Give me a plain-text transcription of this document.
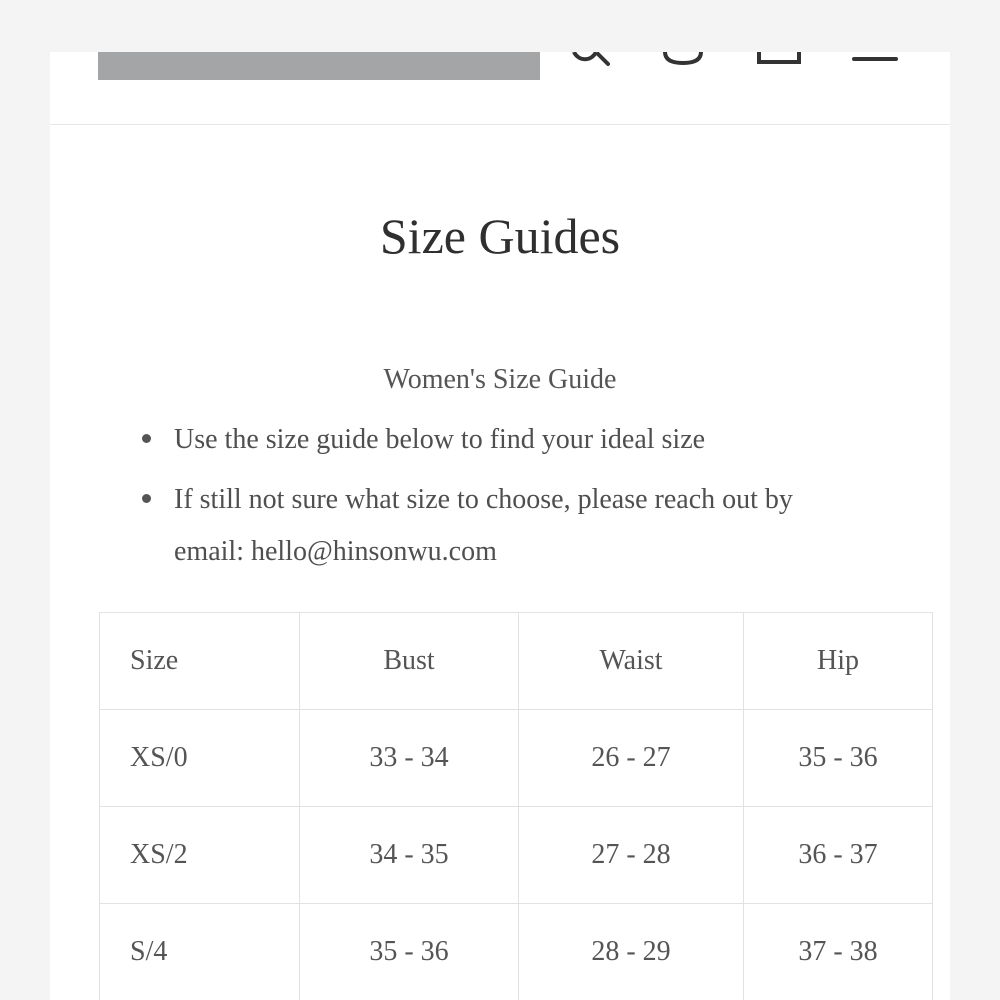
Size Guides
Women's Size Guide
Use the size guide below to find your ideal size
If still not sure what size to choose, please reach out by email: hello@hinsonwu.com
Size	Bust	Waist	Hip
XS/0	33 - 34	26 - 27	35 - 36
XS/2	34 - 35	27 - 28	36 - 37
S/4	35 - 36	28 - 29	37 - 38
